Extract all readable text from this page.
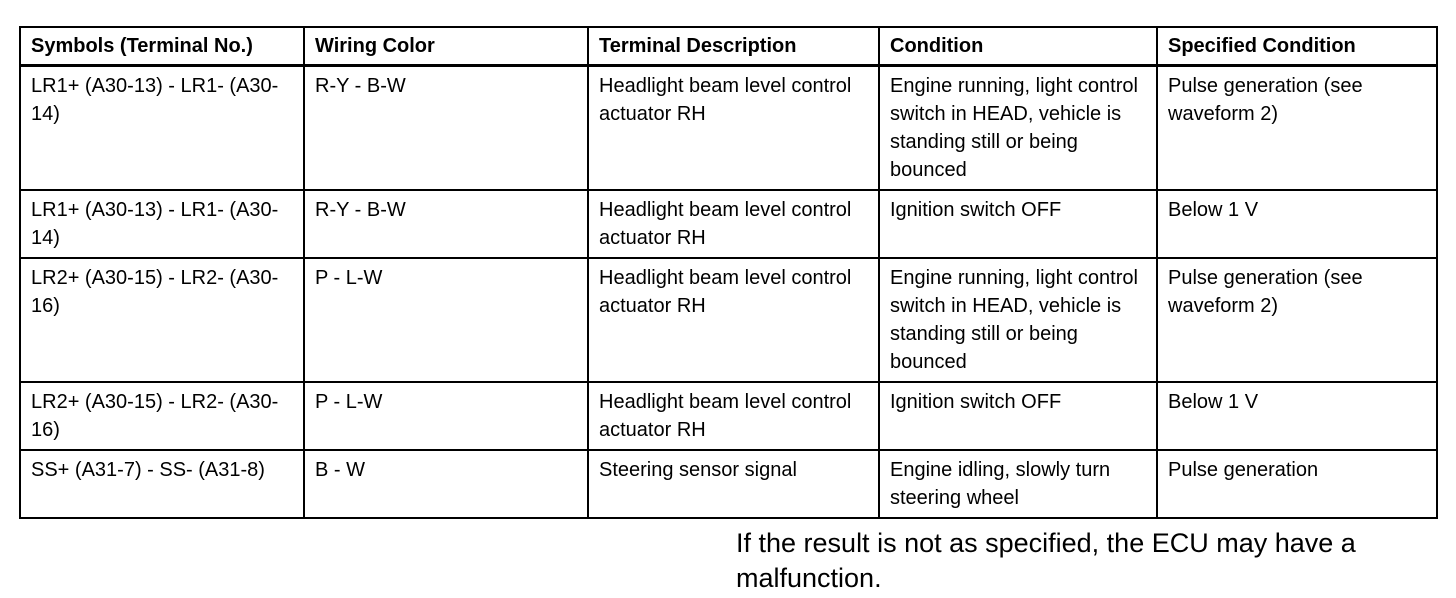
Symbols (Terminal No.)	Wiring Color	Terminal Description	Condition	Specified Condition
LR1+ (A30-13) - LR1- (A30-14)	R-Y - B-W	Headlight beam level control actuator RH	Engine running, light control switch in HEAD, vehicle is standing still or being bounced	Pulse generation (see waveform 2)
LR1+ (A30-13) - LR1- (A30-14)	R-Y - B-W	Headlight beam level control actuator RH	Ignition switch OFF	Below 1 V
LR2+ (A30-15) - LR2- (A30-16)	P - L-W	Headlight beam level control actuator RH	Engine running, light control switch in HEAD, vehicle is standing still or being bounced	Pulse generation (see waveform 2)
LR2+ (A30-15) - LR2- (A30-16)	P - L-W	Headlight beam level control actuator RH	Ignition switch OFF	Below 1 V
SS+ (A31-7) - SS- (A31-8)	B - W	Steering sensor signal	Engine idling, slowly turn steering wheel	Pulse generation
If the result is not as specified, the ECU may have a malfunction.
